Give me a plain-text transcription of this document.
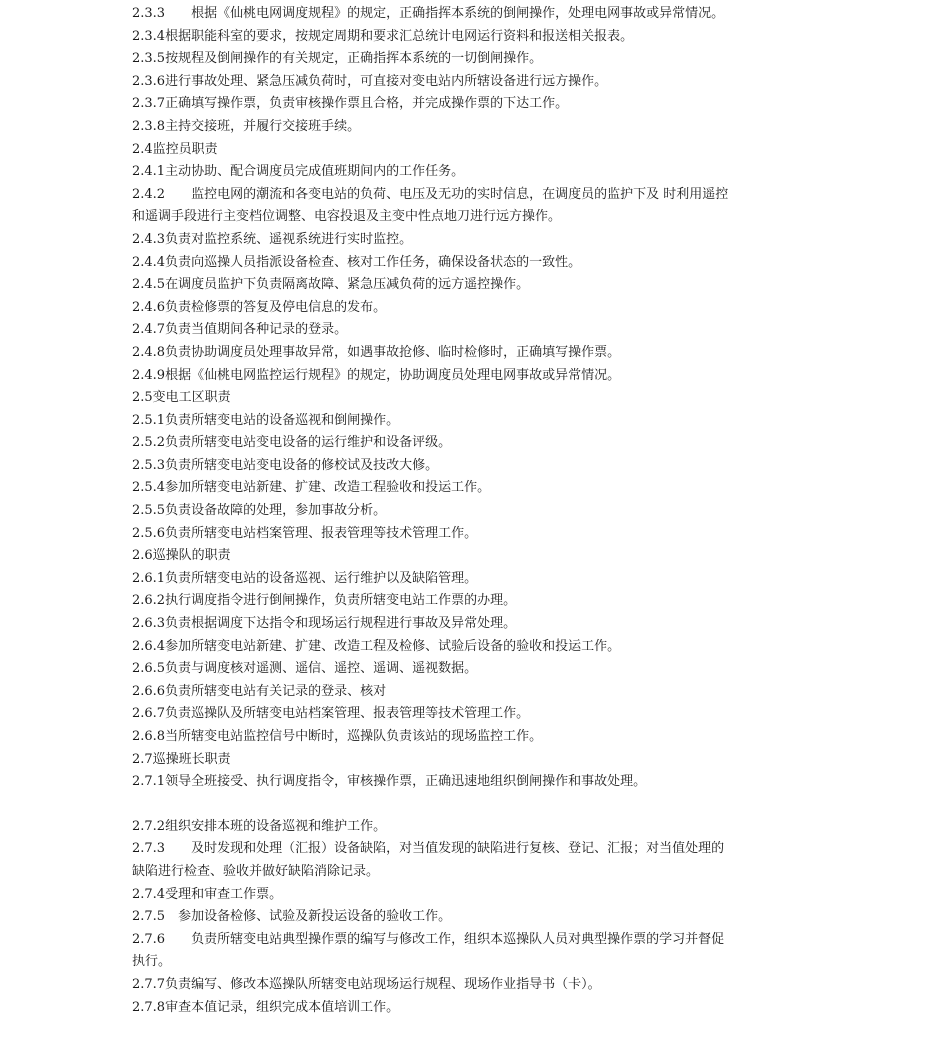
2.3.3　　根据《仙桃电网调度规程》的规定，正确指挥本系统的倒闸操作，处理电网事故或异常情况。

2.3.4根据职能科室的要求，按规定周期和要求汇总统计电网运行资料和报送相关报表。

2.3.5按规程及倒闸操作的有关规定，正确指挥本系统的一切倒闸操作。

2.3.6进行事故处理、紧急压减负荷时，可直接对变电站内所辖设备进行远方操作。

2.3.7正确填写操作票，负责审核操作票且合格，并完成操作票的下达工作。

2.3.8主持交接班，并履行交接班手续。

2.4监控员职责

2.4.1主动协助、配合调度员完成值班期间内的工作任务。

2.4.2　　监控电网的潮流和各变电站的负荷、电压及无功的实时信息，在调度员的监护下及 时利用遥控

和遥调手段进行主变档位调整、电容投退及主变中性点地刀进行远方操作。

2.4.3负责对监控系统、遥视系统进行实时监控。

2.4.4负责向巡操人员指派设备检查、核对工作任务，确保设备状态的一致性。

2.4.5在调度员监护下负责隔离故障、紧急压减负荷的远方遥控操作。

2.4.6负责检修票的答复及停电信息的发布。

2.4.7负责当值期间各种记录的登录。

2.4.8负责协助调度员处理事故异常，如遇事故抢修、临时检修时，正确填写操作票。

2.4.9根据《仙桃电网监控运行规程》的规定，协助调度员处理电网事故或异常情况。

2.5变电工区职责

2.5.1负责所辖变电站的设备巡视和倒闸操作。

2.5.2负责所辖变电站变电设备的运行维护和设备评级。

2.5.3负责所辖变电站变电设备的修校试及技改大修。

2.5.4参加所辖变电站新建、扩建、改造工程验收和投运工作。

2.5.5负责设备故障的处理，参加事故分析。

2.5.6负责所辖变电站档案管理、报表管理等技术管理工作。

2.6巡操队的职责

2.6.1负责所辖变电站的设备巡视、运行维护以及缺陷管理。

2.6.2执行调度指令进行倒闸操作，负责所辖变电站工作票的办理。

2.6.3负责根据调度下达指令和现场运行规程进行事故及异常处理。

2.6.4参加所辖变电站新建、扩建、改造工程及检修、试验后设备的验收和投运工作。

2.6.5负责与调度核对遥测、遥信、遥控、遥调、遥视数据。

2.6.6负责所辖变电站有关记录的登录、核对

2.6.7负责巡操队及所辖变电站档案管理、报表管理等技术管理工作。

2.6.8当所辖变电站监控信号中断时，巡操队负责该站的现场监控工作。

2.7巡操班长职责

2.7.1领导全班接受、执行调度指令，审核操作票，正确迅速地组织倒闸操作和事故处理。

2.7.2组织安排本班的设备巡视和维护工作。

2.7.3　　及时发现和处理（汇报）设备缺陷，对当值发现的缺陷进行复核、登记、汇报；对当值处理的

缺陷进行检查、验收并做好缺陷消除记录。

2.7.4受理和审查工作票。

2.7.5　参加设备检修、试验及新投运设备的验收工作。

2.7.6　　负责所辖变电站典型操作票的编写与修改工作，组织本巡操队人员对典型操作票的学习并督促

执行。

2.7.7负责编写、修改本巡操队所辖变电站现场运行规程、现场作业指导书（卡）。

2.7.8审查本值记录，组织完成本值培训工作。
